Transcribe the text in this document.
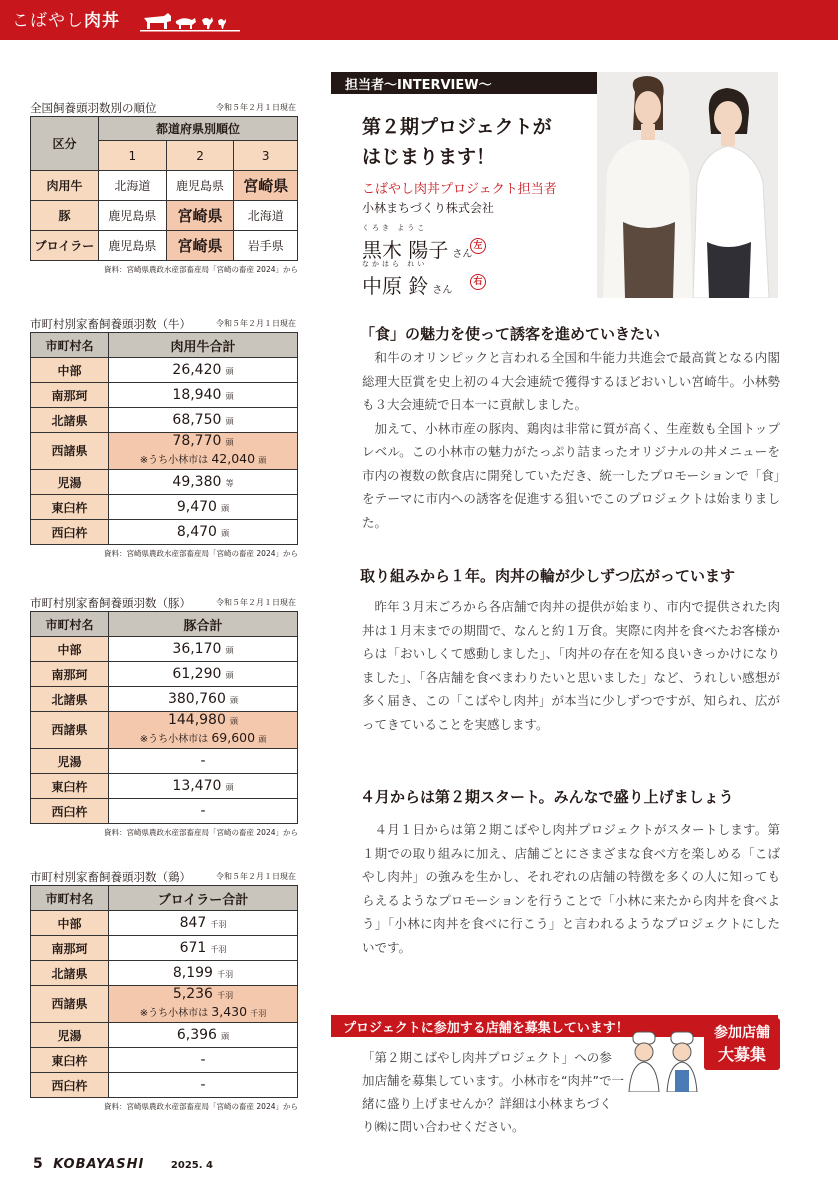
こばやし肉丼
全国飼養頭羽数別の順位	令和５年２月１日現在
区分	都道府県別順位		
	1	2	3
肉用牛	北海道	鹿児島県	宮崎県
豚	鹿児島県	宮崎県	北海道
ブロイラー	鹿児島県	宮崎県	岩手県
資料：宮崎県農政水産部畜産局「宮崎の畜産 2024」から
市町村別家畜飼養頭羽数（牛）	令和５年２月１日現在
市町村名	肉用牛合計
中部	26,420 頭
南那珂	18,940 頭
北諸県	68,750 頭
西諸県	78,770 頭
※うち小林市は 42,040 頭

児湯	49,380 等
東臼杵	9,470 頭
西臼杵	8,470 頭
資料：宮崎県農政水産部畜産局「宮崎の畜産 2024」から
市町村別家畜飼養頭羽数（豚）	令和５年２月１日現在
市町村名	豚合計
中部	36,170 頭
南那珂	61,290 頭
北諸県	380,760 頭
西諸県	144,980 頭
※うち小林市は 69,600 頭

児湯	-
東臼杵	13,470 頭
西臼杵	-
資料：宮崎県農政水産部畜産局「宮崎の畜産 2024」から
市町村別家畜飼養頭羽数（鶏）	令和５年２月１日現在
市町村名	ブロイラー合計
中部	847 千羽
南那珂	671 千羽
北諸県	8,199 千羽
西諸県	5,236 千羽
※うち小林市は 3,430 千羽

児湯	6,396 頭
東臼杵	-
西臼杵	-
資料：宮崎県農政水産部畜産局「宮崎の畜産 2024」から
担当者～INTERVIEW～
第２期プロジェクトが
はじまります！
こばやし肉丼プロジェクト担当者
小林まちづくり株式会社
くろき ようこ
黒木 陽子 さん
左
なかはら れい
中原 鈴 さん
右
「食」の魅力を使って誘客を進めていきたい

和牛のオリンピックと言われる全国和牛能力共進会で最高賞となる内閣総理大臣賞を史上初の４大会連続で獲得するほどおいしい宮崎牛。小林勢も３大会連続で日本一に貢献しました。

加えて、小林市産の豚肉、鶏肉は非常に質が高く、生産数も全国トップレベル。この小林市の魅力がたっぷり詰まったオリジナルの丼メニューを市内の複数の飲食店に開発していただき、統一したプロモーションで「食」をテーマに市内への誘客を促進する狙いでこのプロジェクトは始まりました。

取り組みから１年。肉丼の輪が少しずつ広がっています

昨年３月末ごろから各店舗で肉丼の提供が始まり、市内で提供された肉丼は１月末までの期間で、なんと約１万食。実際に肉丼を食べたお客様からは「おいしくて感動しました」、「肉丼の存在を知る良いきっかけになりました」、「各店舗を食べまわりたいと思いました」など、うれしい感想が多く届き、この「こばやし肉丼」が本当に少しずつですが、知られ、広がってきていることを実感します。

４月からは第２期スタート。みんなで盛り上げましょう

４月１日からは第２期こばやし肉丼プロジェクトがスタートします。第１期での取り組みに加え、店舗ごとにさまざまな食べ方を楽しめる「こばやし肉丼」の強みを生かし、それぞれの店舗の特徴を多くの人に知ってもらえるようなプロモーションを行うことで「小林に来たから肉丼を食べよう」「小林に肉丼を食べに行こう」と言われるようなプロジェクトにしたいです。

プロジェクトに参加する店舗を募集しています！
「第２期こばやし肉丼プロジェクト」への参加店舗を募集しています。小林市を“肉丼”で一緒に盛り上げませんか？詳細は小林まちづくり㈱に問い合わせください。
参加店舗
大募集
5 KOBAYASHI	2025. 4
